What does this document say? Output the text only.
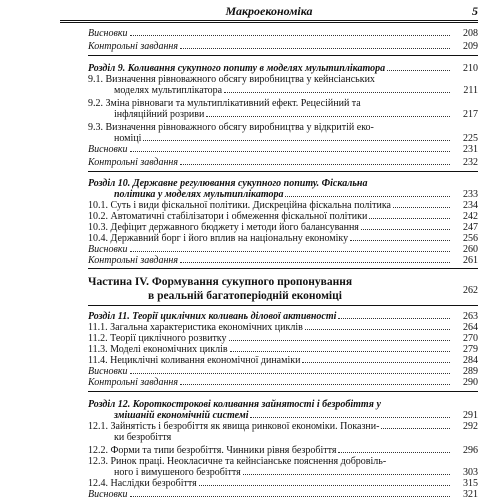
Макроекономіка	5
Висновки	208
Контрольні завдання	209
Розділ 9. Коливання сукупного попиту в моделях мультиплікатора	210
9.1. Визначення рівноважного обсягу виробництва у кейнсіанських
моделях мультиплікатора	211
9.2. Зміна рівноваги та мультиплікативний ефект. Рецесійний та
інфляційний розриви	217
9.3. Визначення рівноважного обсягу виробництва у відкритій еко-
номіці	225
Висновки	231
Контрольні завдання	232
Розділ 10. Державне регулювання сукупного попиту. Фіскальна
політика у моделях мультиплікатора	233
10.1. Суть і види фіскальної політики. Дискреційна фіскальна політика	234
10.2. Автоматичні стабілізатори і обмеження фіскальної політики	242
10.3. Дефіцит державного бюджету і методи його балансування	247
10.4. Державний борг і його вплив на національну економіку	256
Висновки	260
Контрольні завдання	261
Частина IV. Формування сукупного пропонування
в реальній багатоперіодній економіці	262
Розділ 11. Теорії циклічних коливань ділової активності	263
11.1. Загальна характеристика економічних циклів	264
11.2. Теорії циклічного розвитку	270
11.3. Моделі економічних циклів	279
11.4. Нециклічні коливання економічної динаміки	284
Висновки	289
Контрольні завдання	290
Розділ 12. Короткострокові коливання зайнятості і безробіття у
змішаній економічній системі	291
12.1. Зайнятість і безробіття як явища ринкової економіки. Показни-	292
ки безробіття
12.2. Форми та типи безробіття. Чинники рівня безробіття	296
12.3. Ринок праці. Неокласичне та кейнсіанське пояснення добровіль-
ного і вимушеного безробіття	303
12.4. Наслідки безробіття	315
Висновки	321
